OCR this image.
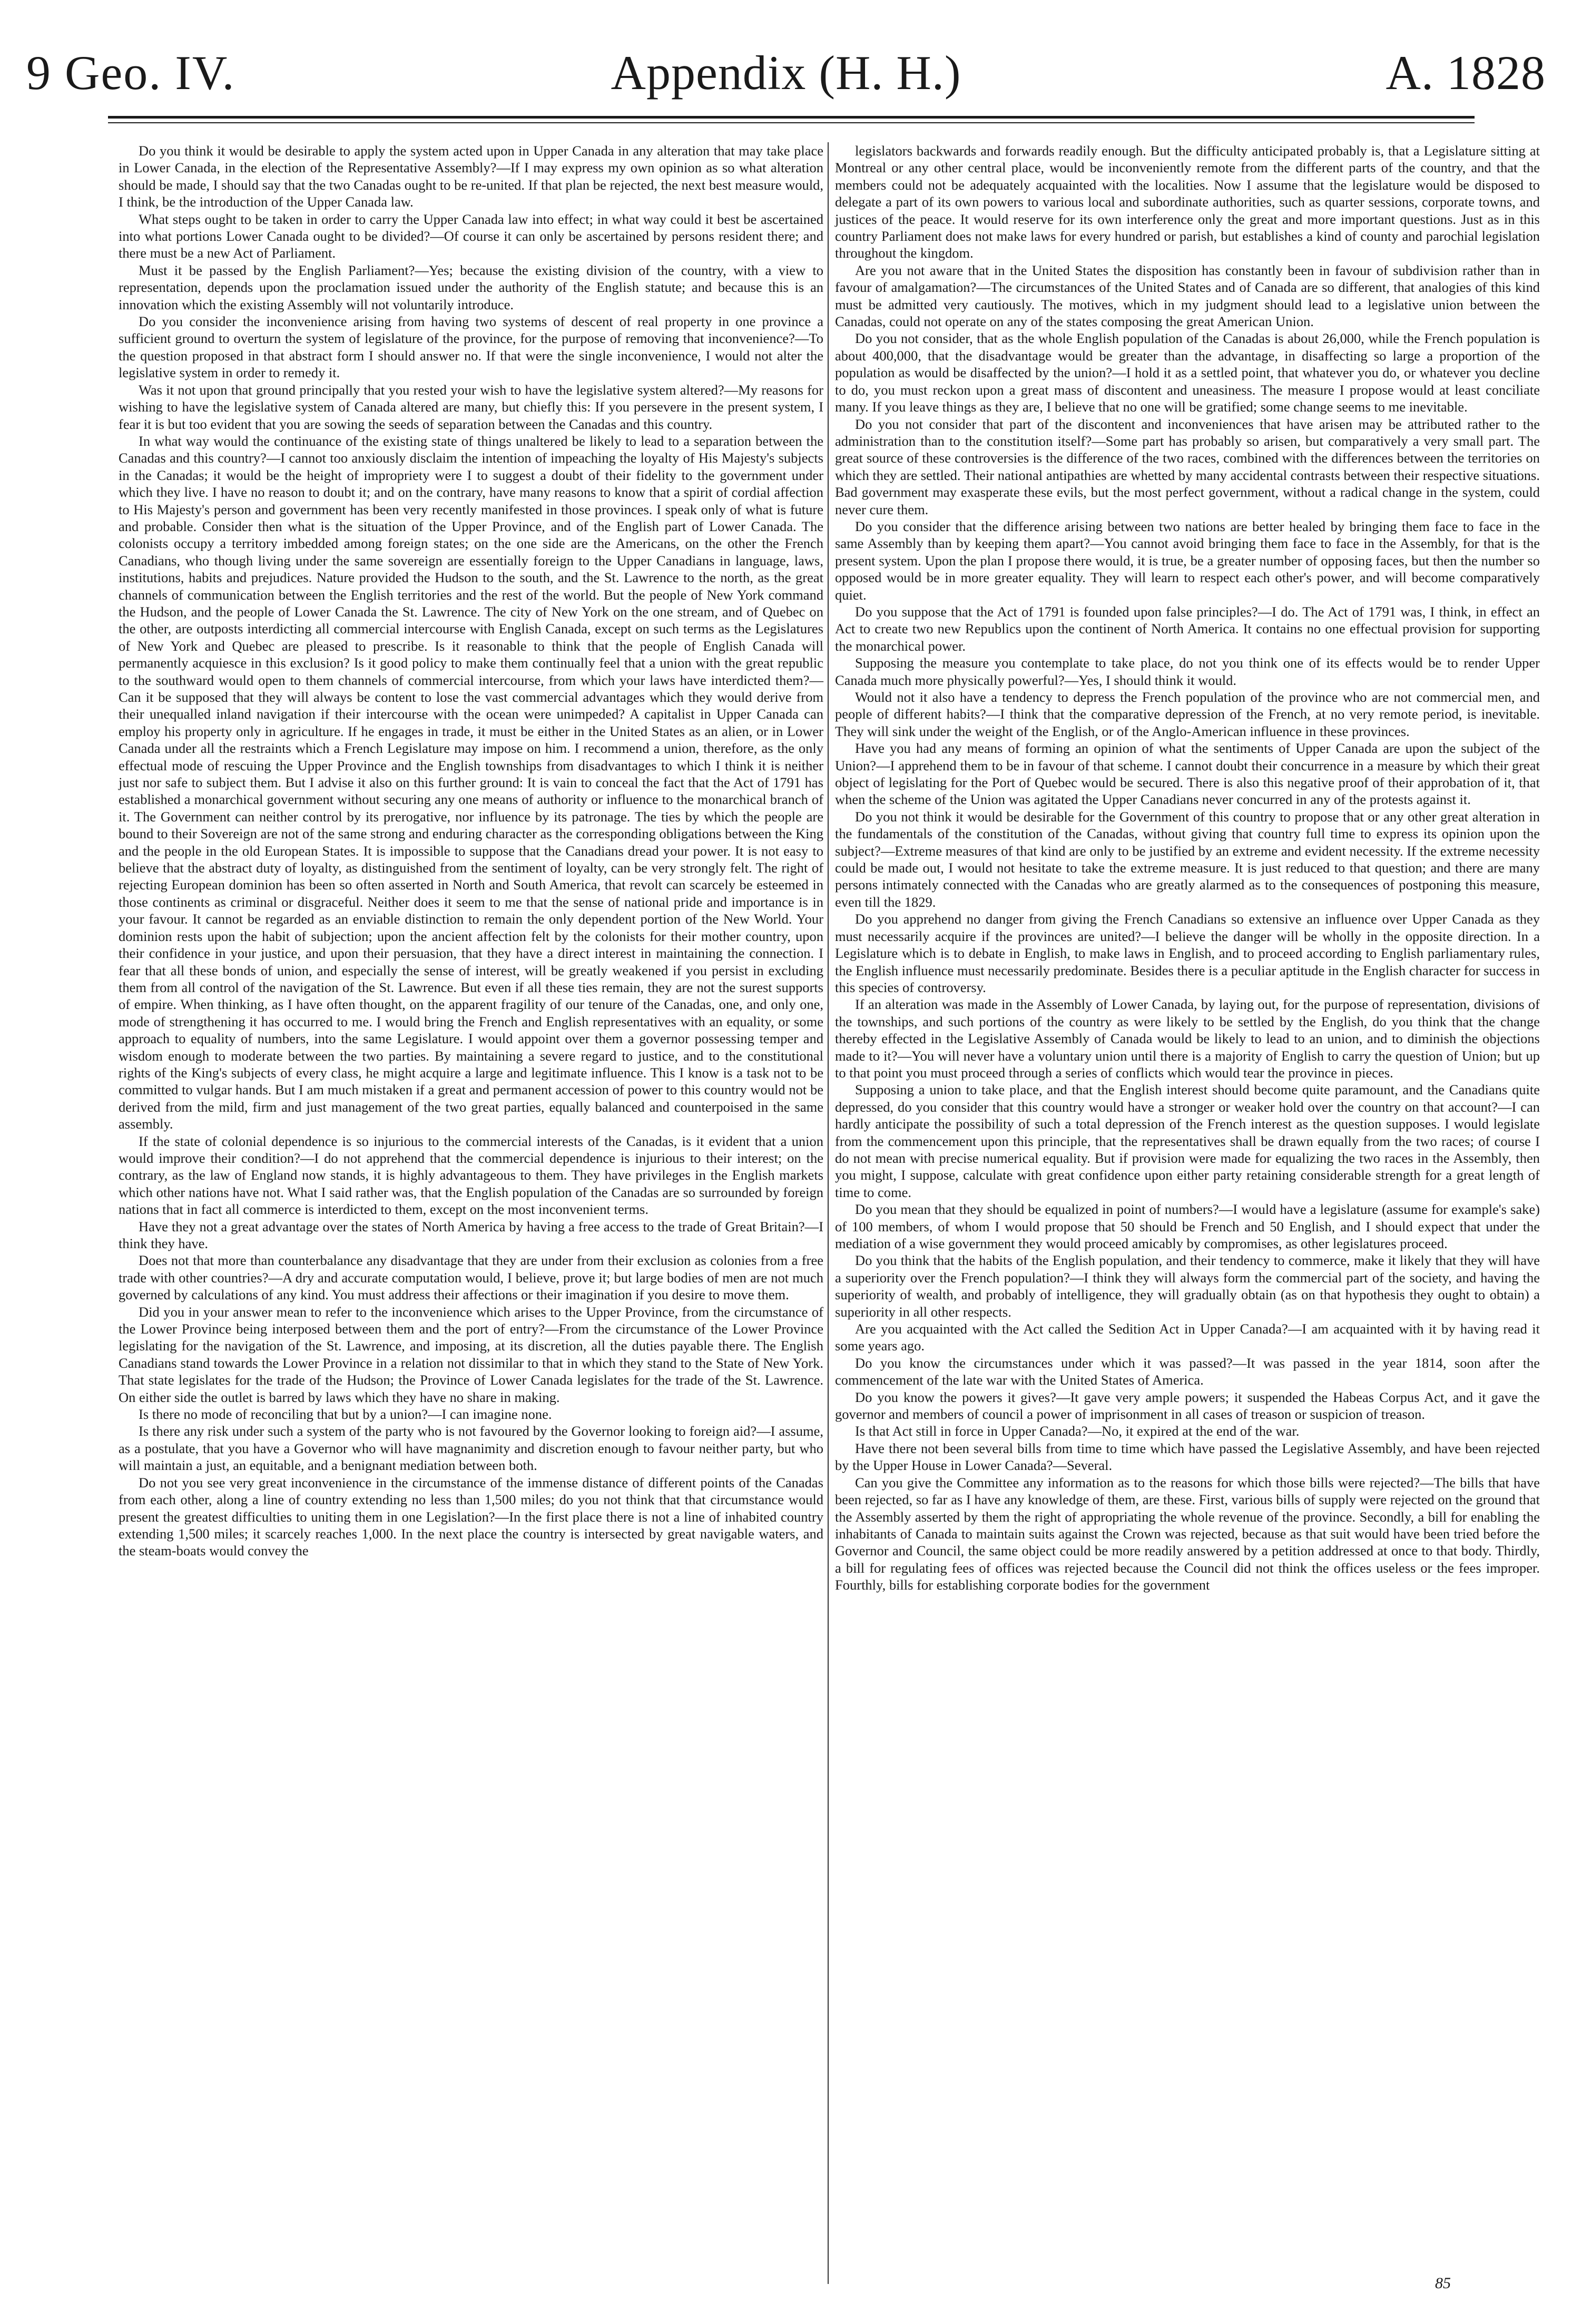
9 Geo. IV.	Appendix (H. H.)	A. 1828

Do you think it would be desirable to apply the system acted upon in Upper Canada in any alteration that may take place in Lower Canada, in the election of the Representative Assembly?—If I may express my own opinion as so what alteration should be made, I should say that the two Canadas ought to be re-united. If that plan be rejected, the next best measure would, I think, be the introduction of the Upper Canada law.

What steps ought to be taken in order to carry the Upper Canada law into effect; in what way could it best be ascertained into what portions Lower Canada ought to be divided?—Of course it can only be ascertained by persons resident there; and there must be a new Act of Parliament.

Must it be passed by the English Parliament?—Yes; because the existing division of the country, with a view to representation, depends upon the proclamation issued under the authority of the English statute; and because this is an innovation which the existing Assembly will not voluntarily introduce.

Do you consider the inconvenience arising from having two systems of descent of real property in one province a sufficient ground to overturn the system of legislature of the province, for the purpose of removing that inconvenience?—To the question proposed in that abstract form I should answer no. If that were the single inconvenience, I would not alter the legislative system in order to remedy it.

Was it not upon that ground principally that you rested your wish to have the legislative system altered?—My reasons for wishing to have the legislative system of Canada altered are many, but chiefly this: If you persevere in the present system, I fear it is but too evident that you are sowing the seeds of separation between the Canadas and this country.

In what way would the continuance of the existing state of things unaltered be likely to lead to a separation between the Canadas and this country?—I cannot too anxiously disclaim the intention of impeaching the loyalty of His Majesty's subjects in the Canadas; it would be the height of impropriety were I to suggest a doubt of their fidelity to the government under which they live. I have no reason to doubt it; and on the contrary, have many reasons to know that a spirit of cordial affection to His Majesty's person and government has been very recently manifested in those provinces. I speak only of what is future and probable. Consider then what is the situation of the Upper Province, and of the English part of Lower Canada. The colonists occupy a territory imbedded among foreign states; on the one side are the Americans, on the other the French Canadians, who though living under the same sovereign are essentially foreign to the Upper Canadians in language, laws, institutions, habits and prejudices. Nature provided the Hudson to the south, and the St. Lawrence to the north, as the great channels of communication between the English territories and the rest of the world. But the people of New York command the Hudson, and the people of Lower Canada the St. Lawrence. The city of New York on the one stream, and of Quebec on the other, are outposts interdicting all commercial intercourse with English Canada, except on such terms as the Legislatures of New York and Quebec are pleased to prescribe. Is it reasonable to think that the people of English Canada will permanently acquiesce in this exclusion? Is it good policy to make them continually feel that a union with the great republic to the southward would open to them channels of commercial intercourse, from which your laws have interdicted them?—Can it be supposed that they will always be content to lose the vast commercial advantages which they would derive from their unequalled inland navigation if their intercourse with the ocean were unimpeded? A capitalist in Upper Canada can employ his property only in agriculture. If he engages in trade, it must be either in the United States as an alien, or in Lower Canada under all the restraints which a French Legislature may impose on him. I recommend a union, therefore, as the only effectual mode of rescuing the Upper Province and the English townships from disadvantages to which I think it is neither just nor safe to subject them. But I advise it also on this further ground: It is vain to conceal the fact that the Act of 1791 has established a monarchical government without securing any one means of authority or influence to the monarchical branch of it. The Government can neither control by its prerogative, nor influence by its patronage. The ties by which the people are bound to their Sovereign are not of the same strong and enduring character as the corresponding obligations between the King and the people in the old European States. It is impossible to suppose that the Canadians dread your power. It is not easy to believe that the abstract duty of loyalty, as distinguished from the sentiment of loyalty, can be very strongly felt. The right of rejecting European dominion has been so often asserted in North and South America, that revolt can scarcely be esteemed in those continents as criminal or disgraceful. Neither does it seem to me that the sense of national pride and importance is in your favour. It cannot be regarded as an enviable distinction to remain the only dependent portion of the New World. Your dominion rests upon the habit of subjection; upon the ancient affection felt by the colonists for their mother country, upon their confidence in your justice, and upon their persuasion, that they have a direct interest in maintaining the connection. I fear that all these bonds of union, and especially the sense of interest, will be greatly weakened if you persist in excluding them from all control of the navigation of the St. Lawrence. But even if all these ties remain, they are not the surest supports of empire. When thinking, as I have often thought, on the apparent fragility of our tenure of the Canadas, one, and only one, mode of strengthening it has occurred to me. I would bring the French and English representatives with an equality, or some approach to equality of numbers, into the same Legislature. I would appoint over them a governor possessing temper and wisdom enough to moderate between the two parties. By maintaining a severe regard to justice, and to the constitutional rights of the King's subjects of every class, he might acquire a large and legitimate influence. This I know is a task not to be committed to vulgar hands. But I am much mistaken if a great and permanent accession of power to this country would not be derived from the mild, firm and just management of the two great parties, equally balanced and counterpoised in the same assembly.

If the state of colonial dependence is so injurious to the commercial interests of the Canadas, is it evident that a union would improve their condition?—I do not apprehend that the commercial dependence is injurious to their interest; on the contrary, as the law of England now stands, it is highly advantageous to them. They have privileges in the English markets which other nations have not. What I said rather was, that the English population of the Canadas are so surrounded by foreign nations that in fact all commerce is interdicted to them, except on the most inconvenient terms.

Have they not a great advantage over the states of North America by having a free access to the trade of Great Britain?—I think they have.

Does not that more than counterbalance any disadvantage that they are under from their exclusion as colonies from a free trade with other countries?—A dry and accurate computation would, I believe, prove it; but large bodies of men are not much governed by calculations of any kind. You must address their affections or their imagination if you desire to move them.

Did you in your answer mean to refer to the inconvenience which arises to the Upper Province, from the circumstance of the Lower Province being interposed between them and the port of entry?—From the circumstance of the Lower Province legislating for the navigation of the St. Lawrence, and imposing, at its discretion, all the duties payable there. The English Canadians stand towards the Lower Province in a relation not dissimilar to that in which they stand to the State of New York. That state legislates for the trade of the Hudson; the Province of Lower Canada legislates for the trade of the St. Lawrence. On either side the outlet is barred by laws which they have no share in making.

Is there no mode of reconciling that but by a union?—I can imagine none.

Is there any risk under such a system of the party who is not favoured by the Governor looking to foreign aid?—I assume, as a postulate, that you have a Governor who will have magnanimity and discretion enough to favour neither party, but who will maintain a just, an equitable, and a benignant mediation between both.

Do not you see very great inconvenience in the circumstance of the immense distance of different points of the Canadas from each other, along a line of country extending no less than 1,500 miles; do you not think that that circumstance would present the greatest difficulties to uniting them in one Legislation?—In the first place there is not a line of inhabited country extending 1,500 miles; it scarcely reaches 1,000. In the next place the country is intersected by great navigable waters, and the steam-boats would convey the

legislators backwards and forwards readily enough. But the difficulty anticipated probably is, that a Legislature sitting at Montreal or any other central place, would be inconveniently remote from the different parts of the country, and that the members could not be adequately acquainted with the localities. Now I assume that the legislature would be disposed to delegate a part of its own powers to various local and subordinate authorities, such as quarter sessions, corporate towns, and justices of the peace. It would reserve for its own interference only the great and more important questions. Just as in this country Parliament does not make laws for every hundred or parish, but establishes a kind of county and parochial legislation throughout the kingdom.

Are you not aware that in the United States the disposition has constantly been in favour of subdivision rather than in favour of amalgamation?—The circumstances of the United States and of Canada are so different, that analogies of this kind must be admitted very cautiously. The motives, which in my judgment should lead to a legislative union between the Canadas, could not operate on any of the states composing the great American Union.

Do you not consider, that as the whole English population of the Canadas is about 26,000, while the French population is about 400,000, that the disadvantage would be greater than the advantage, in disaffecting so large a proportion of the population as would be disaffected by the union?—I hold it as a settled point, that whatever you do, or whatever you decline to do, you must reckon upon a great mass of discontent and uneasiness. The measure I propose would at least conciliate many. If you leave things as they are, I believe that no one will be gratified; some change seems to me inevitable.

Do you not consider that part of the discontent and inconveniences that have arisen may be attributed rather to the administration than to the constitution itself?—Some part has probably so arisen, but comparatively a very small part. The great source of these controversies is the difference of the two races, combined with the differences between the territories on which they are settled. Their national antipathies are whetted by many accidental contrasts between their respective situations. Bad government may exasperate these evils, but the most perfect government, without a radical change in the system, could never cure them.

Do you consider that the difference arising between two nations are better healed by bringing them face to face in the same Assembly than by keeping them apart?—You cannot avoid bringing them face to face in the Assembly, for that is the present system. Upon the plan I propose there would, it is true, be a greater number of opposing faces, but then the number so opposed would be in more greater equality. They will learn to respect each other's power, and will become comparatively quiet.

Do you suppose that the Act of 1791 is founded upon false principles?—I do. The Act of 1791 was, I think, in effect an Act to create two new Republics upon the continent of North America. It contains no one effectual provision for supporting the monarchical power.

Supposing the measure you contemplate to take place, do not you think one of its effects would be to render Upper Canada much more physically powerful?—Yes, I should think it would.

Would not it also have a tendency to depress the French population of the province who are not commercial men, and people of different habits?—I think that the comparative depression of the French, at no very remote period, is inevitable. They will sink under the weight of the English, or of the Anglo-American influence in these provinces.

Have you had any means of forming an opinion of what the sentiments of Upper Canada are upon the subject of the Union?—I apprehend them to be in favour of that scheme. I cannot doubt their concurrence in a measure by which their great object of legislating for the Port of Quebec would be secured. There is also this negative proof of their approbation of it, that when the scheme of the Union was agitated the Upper Canadians never concurred in any of the protests against it.

Do you not think it would be desirable for the Government of this country to propose that or any other great alteration in the fundamentals of the constitution of the Canadas, without giving that country full time to express its opinion upon the subject?—Extreme measures of that kind are only to be justified by an extreme and evident necessity. If the extreme necessity could be made out, I would not hesitate to take the extreme measure. It is just reduced to that question; and there are many persons intimately connected with the Canadas who are greatly alarmed as to the consequences of postponing this measure, even till the 1829.

Do you apprehend no danger from giving the French Canadians so extensive an influence over Upper Canada as they must necessarily acquire if the provinces are united?—I believe the danger will be wholly in the opposite direction. In a Legislature which is to debate in English, to make laws in English, and to proceed according to English parliamentary rules, the English influence must necessarily predominate. Besides there is a peculiar aptitude in the English character for success in this species of controversy.

If an alteration was made in the Assembly of Lower Canada, by laying out, for the purpose of representation, divisions of the townships, and such portions of the country as were likely to be settled by the English, do you think that the change thereby effected in the Legislative Assembly of Canada would be likely to lead to an union, and to diminish the objections made to it?—You will never have a voluntary union until there is a majority of English to carry the question of Union; but up to that point you must proceed through a series of conflicts which would tear the province in pieces.

Supposing a union to take place, and that the English interest should become quite paramount, and the Canadians quite depressed, do you consider that this country would have a stronger or weaker hold over the country on that account?—I can hardly anticipate the possibility of such a total depression of the French interest as the question supposes. I would legislate from the commencement upon this principle, that the representatives shall be drawn equally from the two races; of course I do not mean with precise numerical equality. But if provision were made for equalizing the two races in the Assembly, then you might, I suppose, calculate with great confidence upon either party retaining considerable strength for a great length of time to come.

Do you mean that they should be equalized in point of numbers?—I would have a legislature (assume for example's sake) of 100 members, of whom I would propose that 50 should be French and 50 English, and I should expect that under the mediation of a wise government they would proceed amicably by compromises, as other legislatures proceed.

Do you think that the habits of the English population, and their tendency to commerce, make it likely that they will have a superiority over the French population?—I think they will always form the commercial part of the society, and having the superiority of wealth, and probably of intelligence, they will gradually obtain (as on that hypothesis they ought to obtain) a superiority in all other respects.

Are you acquainted with the Act called the Sedition Act in Upper Canada?—I am acquainted with it by having read it some years ago.

Do you know the circumstances under which it was passed?—It was passed in the year 1814, soon after the commencement of the late war with the United States of America.

Do you know the powers it gives?—It gave very ample powers; it suspended the Habeas Corpus Act, and it gave the governor and members of council a power of imprisonment in all cases of treason or suspicion of treason.

Is that Act still in force in Upper Canada?—No, it expired at the end of the war.

Have there not been several bills from time to time which have passed the Legislative Assembly, and have been rejected by the Upper House in Lower Canada?—Several.

Can you give the Committee any information as to the reasons for which those bills were rejected?—The bills that have been rejected, so far as I have any knowledge of them, are these. First, various bills of supply were rejected on the ground that the Assembly asserted by them the right of appropriating the whole revenue of the province. Secondly, a bill for enabling the inhabitants of Canada to maintain suits against the Crown was rejected, because as that suit would have been tried before the Governor and Council, the same object could be more readily answered by a petition addressed at once to that body. Thirdly, a bill for regulating fees of offices was rejected because the Council did not think the offices useless or the fees improper. Fourthly, bills for establishing corporate bodies for the government

85
